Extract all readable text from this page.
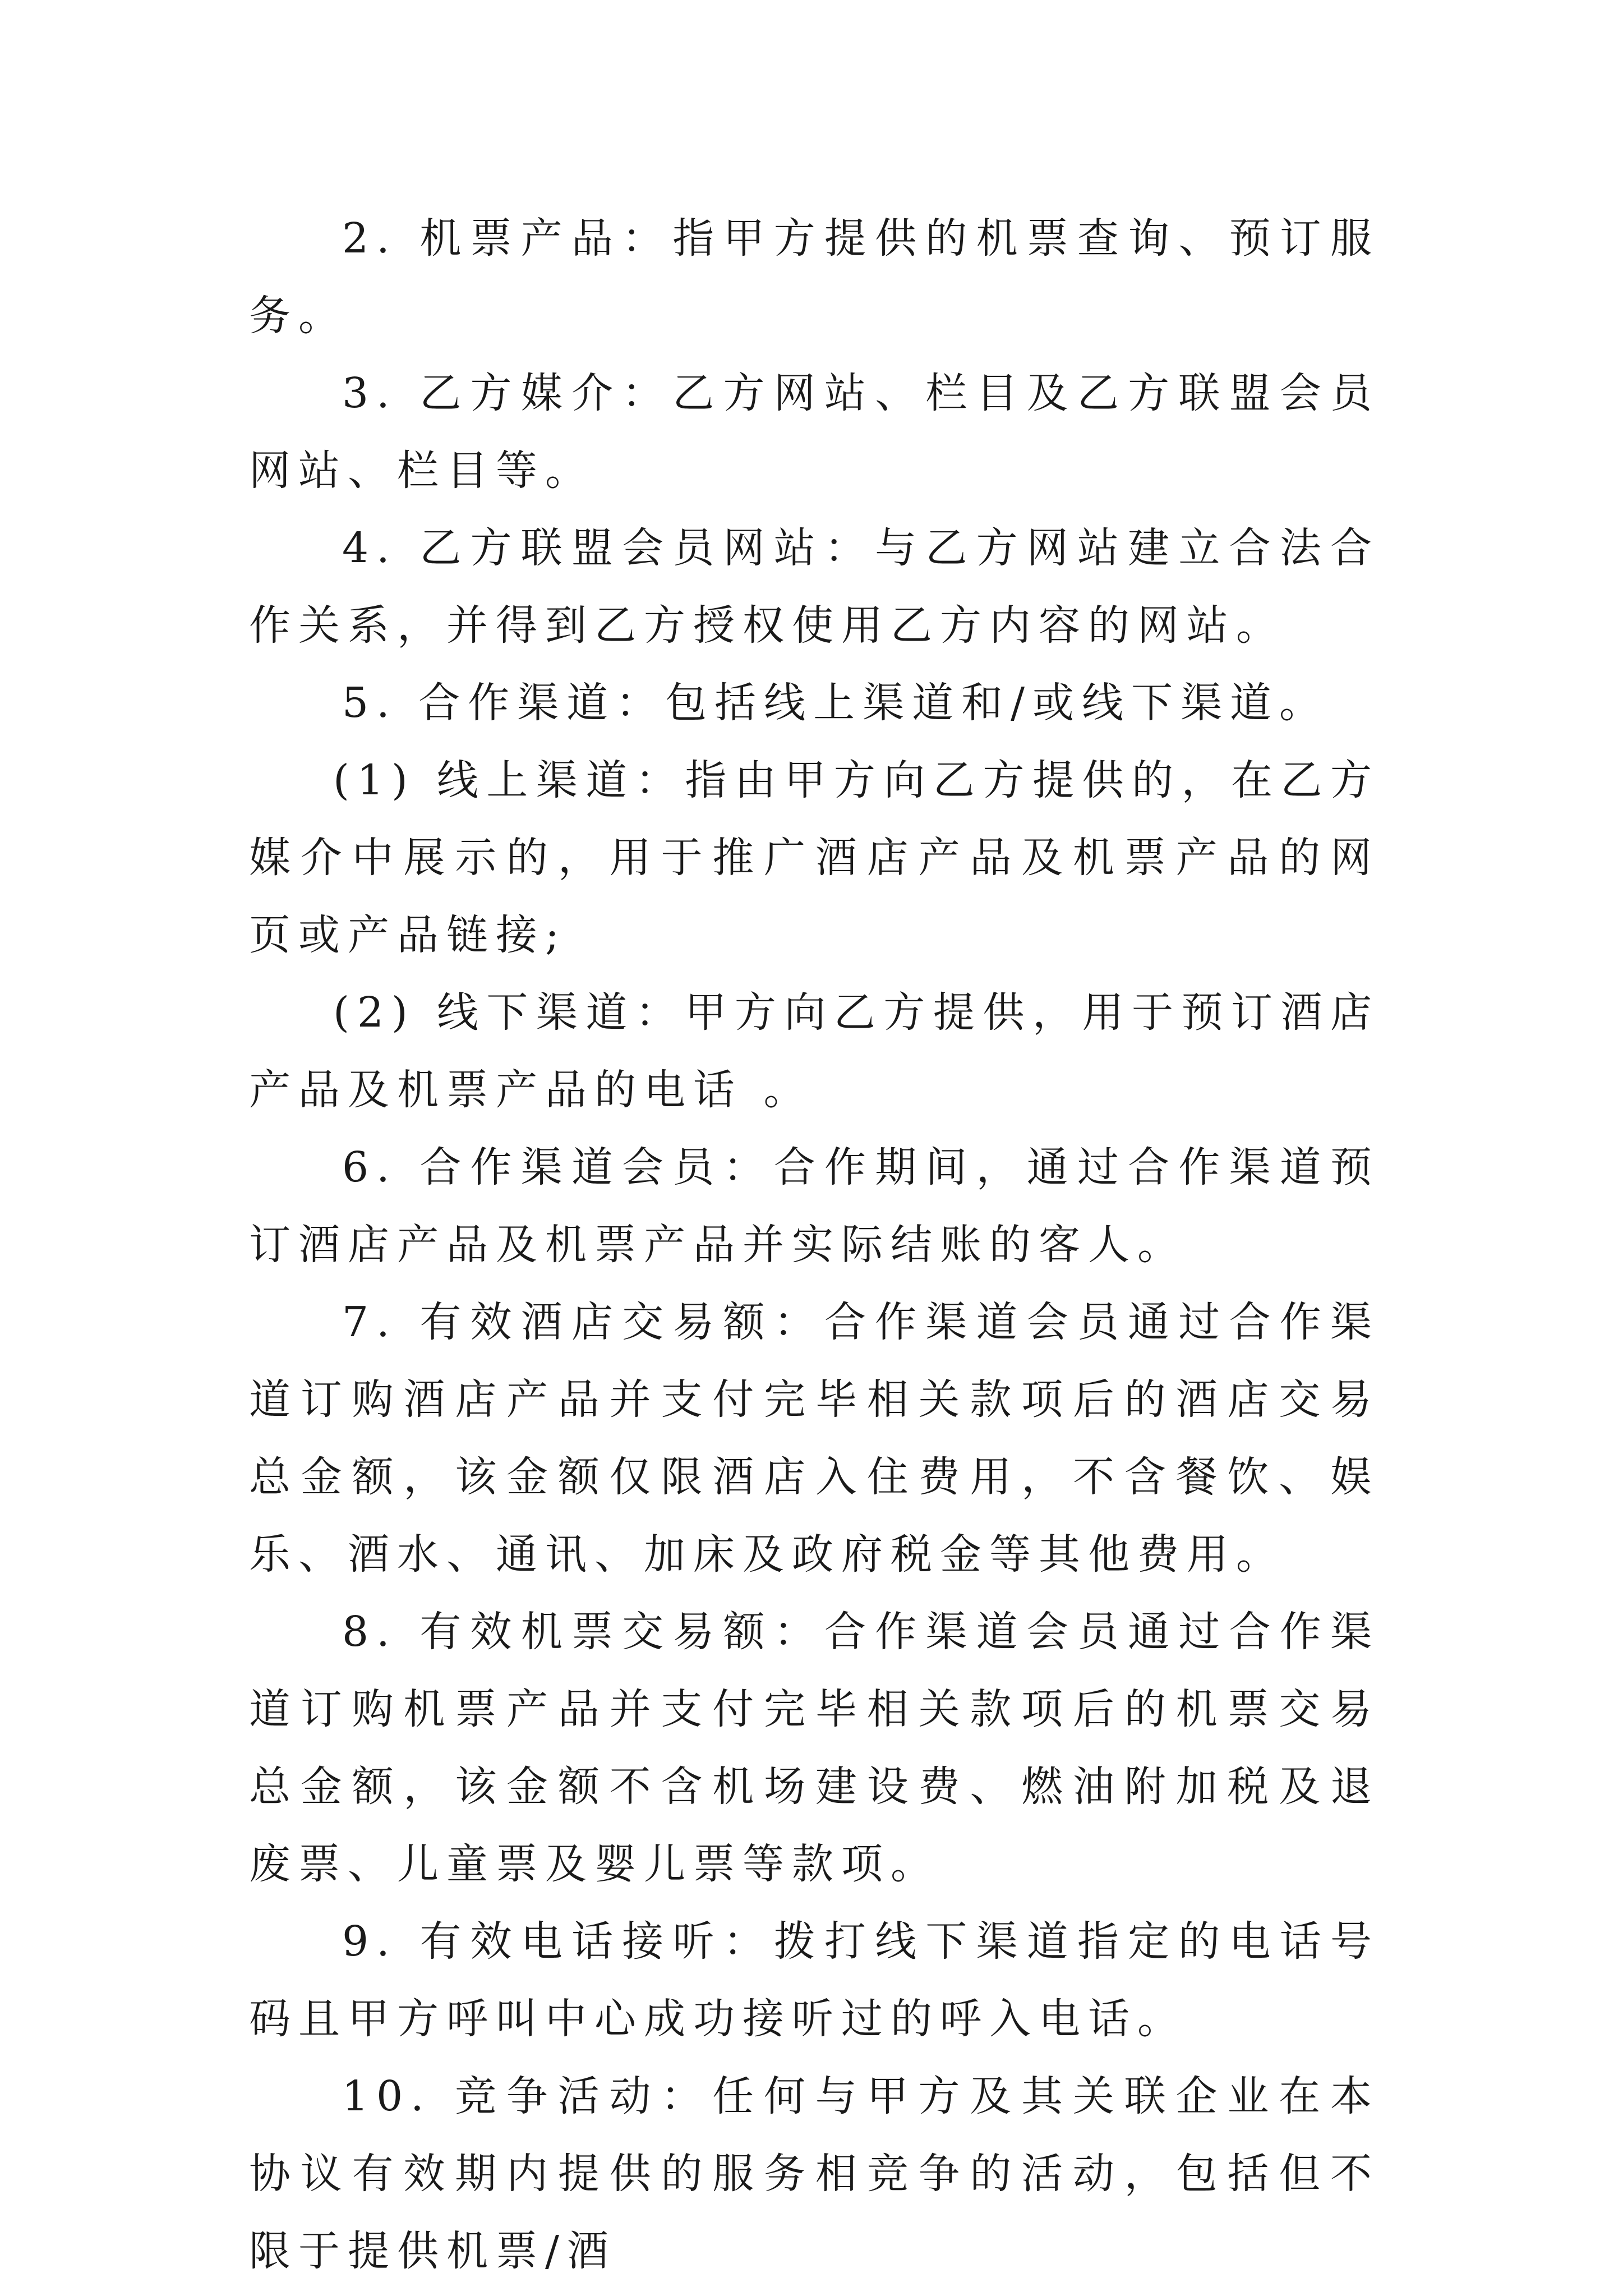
2. 机票产品：指甲方提供的机票查询、预订服务。

3. 乙方媒介：乙方网站、栏目及乙方联盟会员网站、栏目等。

4. 乙方联盟会员网站：与乙方网站建立合法合作关系，并得到乙方授权使用乙方内容的网站。

5. 合作渠道：包括线上渠道和/或线下渠道。

(1) 线上渠道：指由甲方向乙方提供的，在乙方媒介中展示的，用于推广酒店产品及机票产品的网页或产品链接;

(2) 线下渠道：甲方向乙方提供，用于预订酒店产品及机票产品的电话 。

6. 合作渠道会员：合作期间，通过合作渠道预订酒店产品及机票产品并实际结账的客人。

7. 有效酒店交易额：合作渠道会员通过合作渠道订购酒店产品并支付完毕相关款项后的酒店交易总金额，该金额仅限酒店入住费用，不含餐饮、娱乐、酒水、通讯、加床及政府税金等其他费用。

8. 有效机票交易额：合作渠道会员通过合作渠道订购机票产品并支付完毕相关款项后的机票交易总金额，该金额不含机场建设费、燃油附加税及退废票、儿童票及婴儿票等款项。

9. 有效电话接听：拨打线下渠道指定的电话号码且甲方呼叫中心成功接听过的呼入电话。

10. 竞争活动：任何与甲方及其关联企业在本协议有效期内提供的服务相竞争的活动，包括但不限于提供机票/酒
